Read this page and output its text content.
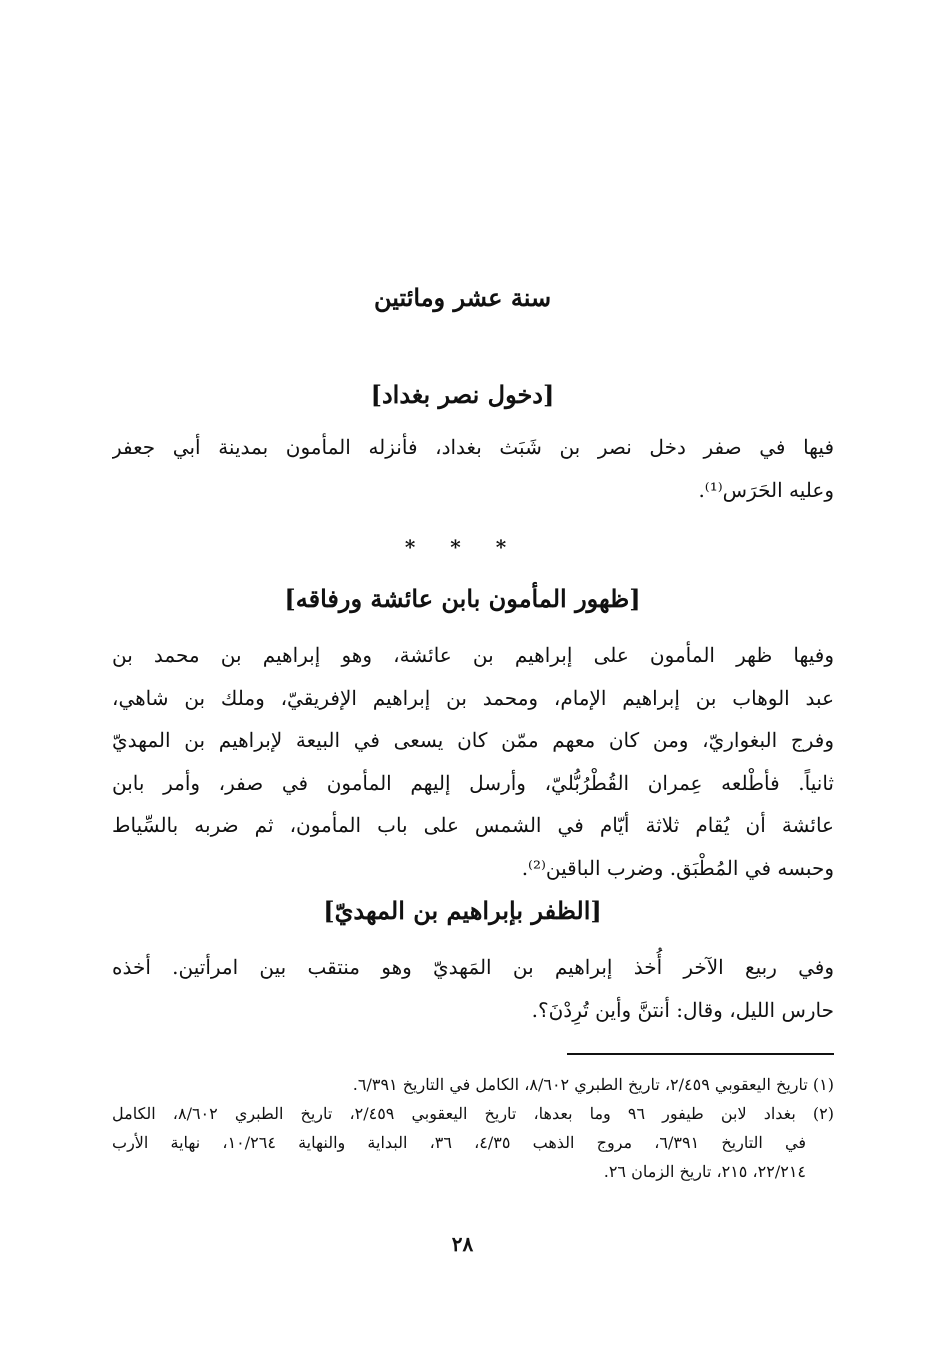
سنة عشر ومائتين
[دخول نصر بغداد]
فيها في صفر دخل نصر بن شَبَث بغداد، فأنزله المأمون بمدينة أبي جعفر
وعليه الحَرَس⁽¹⁾.
* * *
[ظهور المأمون بابن عائشة ورفاقه]
وفيها ظهر المأمون على إبراهيم بن عائشة، وهو إبراهيم بن محمد بن
عبد الوهاب بن إبراهيم الإمام، ومحمد بن إبراهيم الإفريقيّ، وملك بن شاهي،
وفرج البغواريّ، ومن كان معهم ممّن كان يسعى في البيعة لإبراهيم بن المهديّ
ثانياً. فأطْلعه عِمران القُطْرُبُّليّ، وأرسل إليهم المأمون في صفر، وأمر بابن
عائشة أن يُقام ثلاثة أيّام في الشمس على باب المأمون، ثم ضربه بالسِّياط
وحبسه في المُطْبَق. وضرب الباقين⁽²⁾.
[الظفر بإبراهيم بن المهديّ]
وفي ربيع الآخر أُخذ إبراهيم بن المَهديّ وهو منتقب بين امرأتين. أخذه
حارس الليل، وقال: أنتنَّ وأين تُرِدْنَ؟.
(١) تاريخ اليعقوبي ٢/٤٥٩، تاريخ الطبري ٨/٦٠٢، الكامل في التاريخ ٦/٣٩١.
(٢) بغداد لابن طيفور ٩٦ وما بعدها، تاريخ اليعقوبي ٢/٤٥٩، تاريخ الطبري ٨/٦٠٢، الكامل
في التاريخ ٦/٣٩١، مروج الذهب ٤/٣٥، ٣٦، البداية والنهاية ١٠/٢٦٤، نهاية الأرب
٢٢/٢١٤، ٢١٥، تاريخ الزمان ٢٦.
٢٨
